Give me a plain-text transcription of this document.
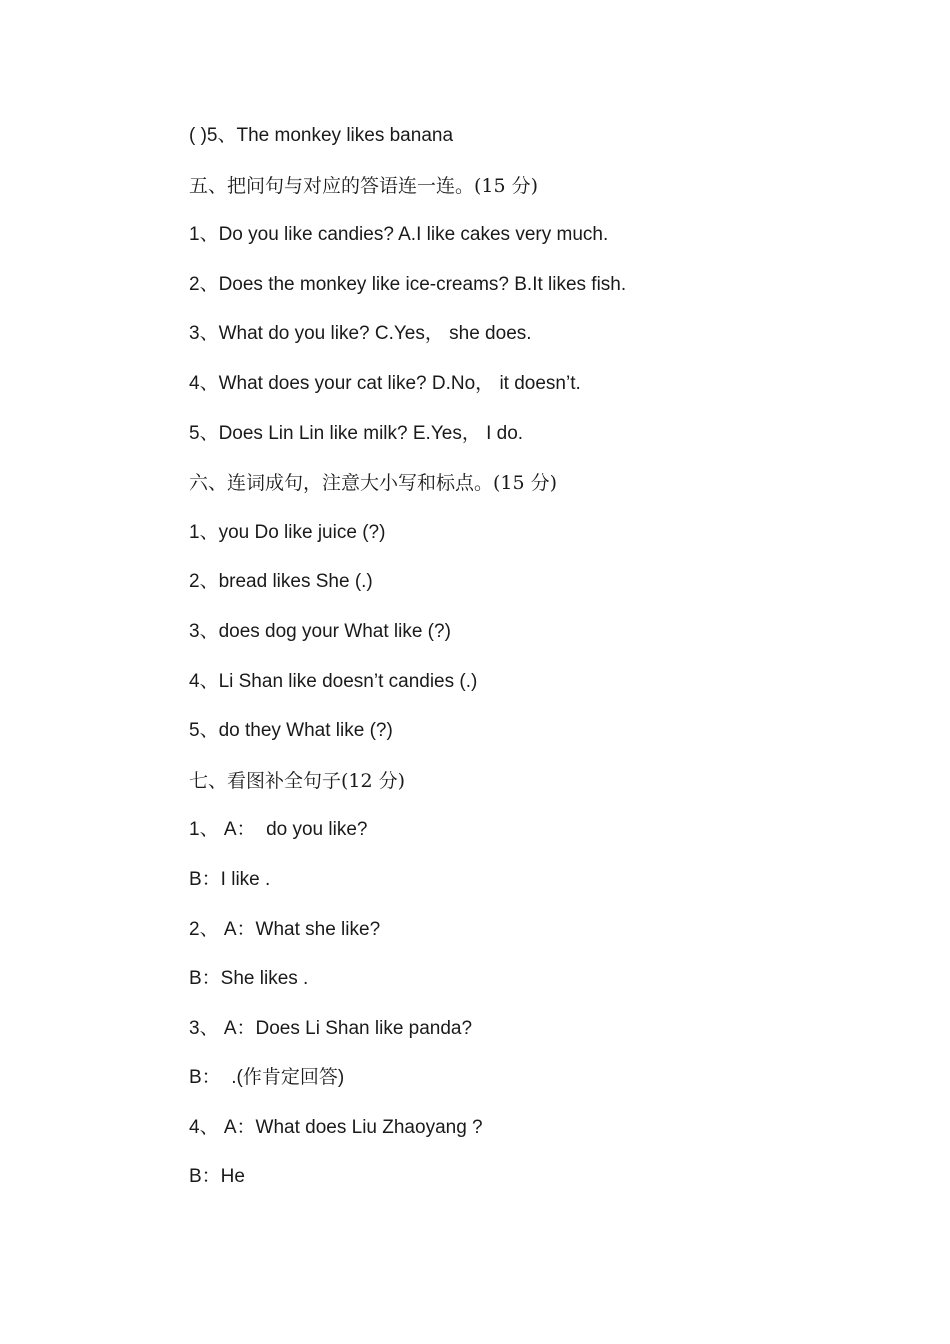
( )5、The monkey likes banana
五、把问句与对应的答语连一连。(15 分)
1、Do you like candies? A.I like cakes very much.
2、Does the monkey like ice-creams? B.It likes fish.
3、What do you like? C.Yes， she does.
4、What does your cat like? D.No， it doesn’t.
5、Does Lin Lin like milk? E.Yes， I do.
六、连词成句，注意大小写和标点。(15 分)
1、you Do like juice (?)
2、bread likes She (.)
3、does dog your What like (?)
4、Li Shan like doesn’t candies (.)
5、do they What like (?)
七、看图补全句子(12 分)
1、 A：  do you like?
B：I like .
2、 A：What she like?
B：She likes .
3、 A：Does Li Shan like panda?
B：  .(作肯定回答)
4、 A：What does Liu Zhaoyang ?
B：He
